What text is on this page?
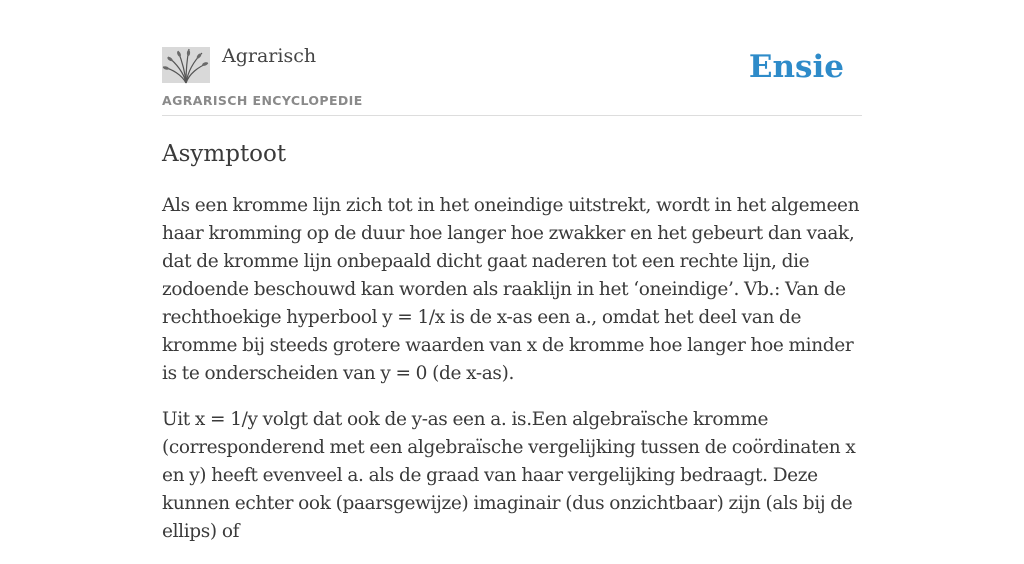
Agrarisch
AGRARISCH ENCYCLOPEDIE
Ensie
Asymptoot

Als een kromme lijn zich tot in het oneindige uitstrekt, wordt in het algemeen haar kromming op de duur hoe langer hoe zwakker en het gebeurt dan vaak, dat de kromme lijn onbepaald dicht gaat naderen tot een rechte lijn, die zodoende beschouwd kan worden als raaklijn in het ‘oneindige’. Vb.: Van de rechthoekige hyperbool y = 1/x is de x-as een a., omdat het deel van de kromme bij steeds grotere waarden van x de kromme hoe langer hoe minder is te onderscheiden van y = 0 (de x-as).

Uit x = 1/y volgt dat ook de y-as een a. is.Een algebraïsche kromme (corresponderend met een algebraïsche vergelijking tussen de coördinaten x en y) heeft evenveel a. als de graad van haar vergelijking bedraagt. Deze kunnen echter ook (paarsgewijze) imaginair (dus onzichtbaar) zijn (als bij de ellips) of
